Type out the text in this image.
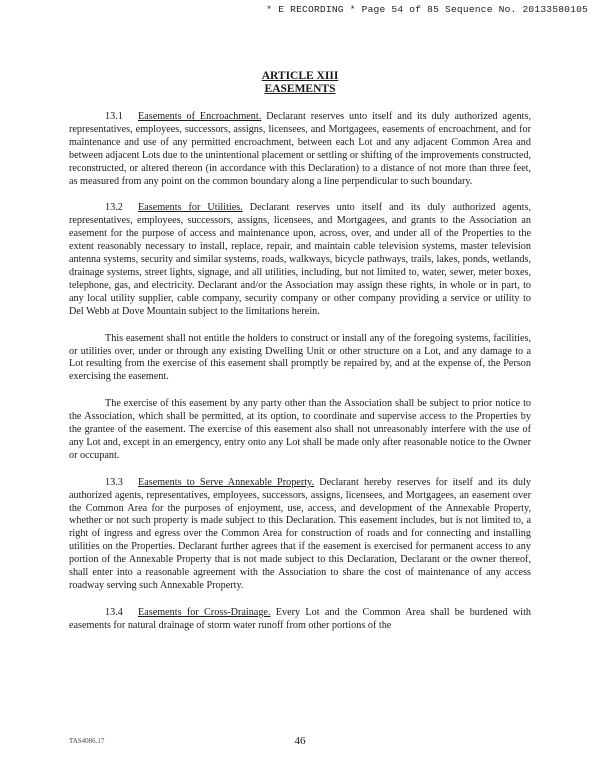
* E RECORDING * Page 54 of 85 Sequence No. 20133580105
ARTICLE XIII
EASEMENTS

13.1 Easements of Encroachment. Declarant reserves unto itself and its duly authorized agents, representatives, employees, successors, assigns, licensees, and Mortgagees, easements of encroachment, and for maintenance and use of any permitted encroachment, between each Lot and any adjacent Common Area and between adjacent Lots due to the unintentional placement or settling or shifting of the improvements constructed, reconstructed, or altered thereon (in accordance with this Declaration) to a distance of not more than three feet, as measured from any point on the common boundary along a line perpendicular to such boundary.

13.2 Easements for Utilities. Declarant reserves unto itself and its duly authorized agents, representatives, employees, successors, assigns, licensees, and Mortgagees, and grants to the Association an easement for the purpose of access and maintenance upon, across, over, and under all of the Properties to the extent reasonably necessary to install, replace, repair, and maintain cable television systems, master television antenna systems, security and similar systems, roads, walkways, bicycle pathways, trails, lakes, ponds, wetlands, drainage systems, street lights, signage, and all utilities, including, but not limited to, water, sewer, meter boxes, telephone, gas, and electricity. Declarant and/or the Association may assign these rights, in whole or in part, to any local utility supplier, cable company, security company or other company providing a service or utility to Del Webb at Dove Mountain subject to the limitations herein.

This easement shall not entitle the holders to construct or install any of the foregoing systems, facilities, or utilities over, under or through any existing Dwelling Unit or other structure on a Lot, and any damage to a Lot resulting from the exercise of this easement shall promptly be repaired by, and at the expense of, the Person exercising the easement.

The exercise of this easement by any party other than the Association shall be subject to prior notice to the Association, which shall be permitted, at its option, to coordinate and supervise access to the Properties by the grantee of the easement. The exercise of this easement also shall not unreasonably interfere with the use of any Lot and, except in an emergency, entry onto any Lot shall be made only after reasonable notice to the Owner or occupant.

13.3 Easements to Serve Annexable Property. Declarant hereby reserves for itself and its duly authorized agents, representatives, employees, successors, assigns, licensees, and Mortgagees, an easement over the Common Area for the purposes of enjoyment, use, access, and development of the Annexable Property, whether or not such property is made subject to this Declaration. This easement includes, but is not limited to, a right of ingress and egress over the Common Area for construction of roads and for connecting and installing utilities on the Properties. Declarant further agrees that if the easement is exercised for permanent access to any portion of the Annexable Property that is not made subject to this Declaration, Declarant or the owner thereof, shall enter into a reasonable agreement with the Association to share the cost of maintenance of any access roadway serving such Annexable Property.

13.4 Easements for Cross-Drainage. Every Lot and the Common Area shall be burdened with easements for natural drainage of storm water runoff from other portions of the

TAS4086.17	46
